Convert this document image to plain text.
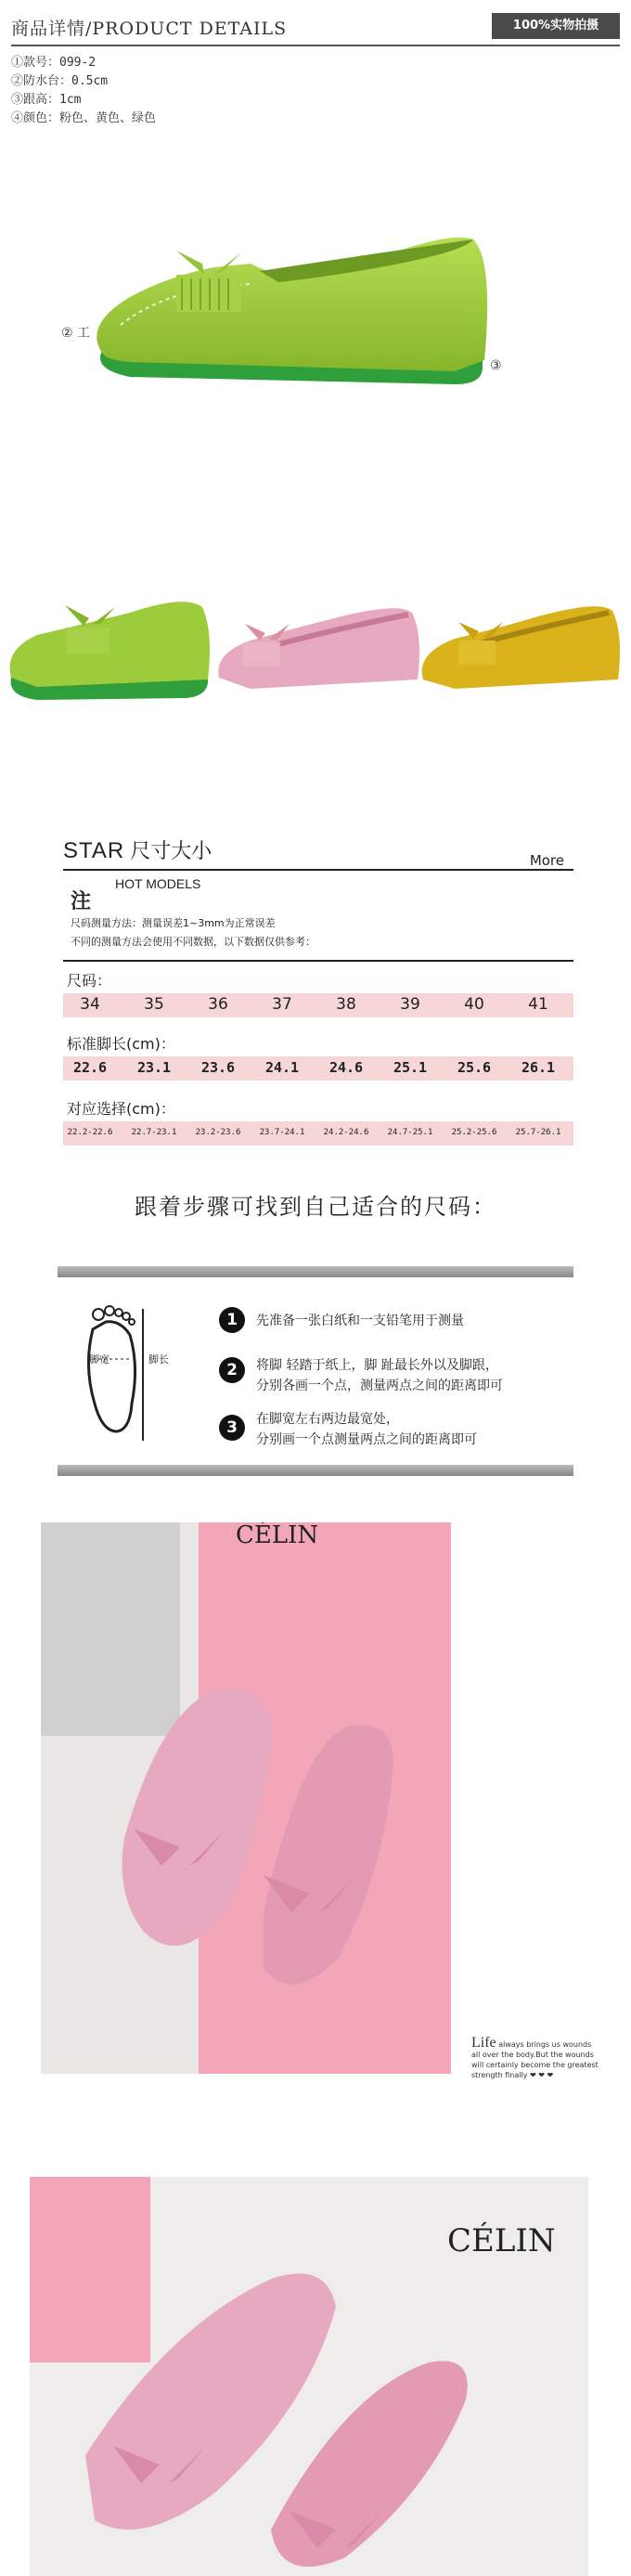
商品详情/PRODUCT DETAILS	100%实物拍摄
①款号：099-2
②防水台：0.5cm
③跟高：1cm
④颜色：粉色、黄色、绿色
② 工
③
STAR 尺寸大小	More
HOT MODELS
注
尺码测量方法：测量误差1~3mm为正常误差
不同的测量方法会使用不同数据，以下数据仅供参考：
尺码：
34	35	36	37	38	39	40	41
标准脚长(cm)：
22.6	23.1	23.6	24.1	24.6	25.1	25.6	26.1
对应选择(cm)：
22.2-22.6	22.7-23.1	23.2-23.6	23.7-24.1	24.2-24.6	24.7-25.1	25.2-25.6	25.7-26.1
跟着步骤可找到自己适合的尺码：
脚宽	脚长
1	先准备一张白纸和一支铅笔用于测量
2	将脚 轻踏于纸上，脚 趾最长外以及脚跟，
分别各画一个点，测量两点之间的距离即可
3	在脚宽左右两边最宽处，
分别画一个点测量两点之间的距离即可
CÉLIN
Life always brings us wounds
all over the body.But the wounds
will certainly become the greatest
strength finally ❤ ❤ ❤
CÉLIN
